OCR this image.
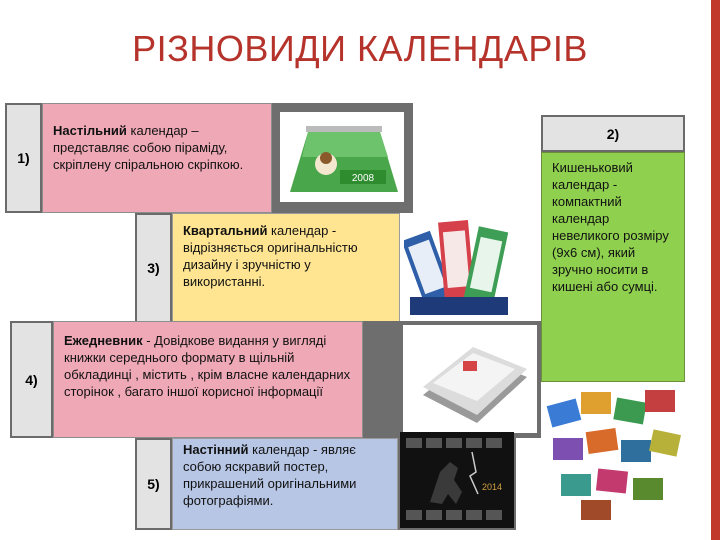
РІЗНОВИДИ КАЛЕНДАРІВ
1)
Настільний календар – представляє собою піраміду, скріплену спіральною скріпкою.
2008
2)
Кишеньковий календар - компактний календар невеликого розміру (9х6 см), який зручно носити в кишені або сумці.
3)
Квартальний календар - відрізняється оригінальністю дизайну і зручністю у використанні.
4)
Ежедневник - Довідкове видання у вигляді книжки середнього формату в щільній обкладинці , містить , крім власне календарних сторінок , багато іншої корисної інформації
5)
Настінний календар - являє собою яскравий постер, прикрашений оригінальними фотографіями.
2014
